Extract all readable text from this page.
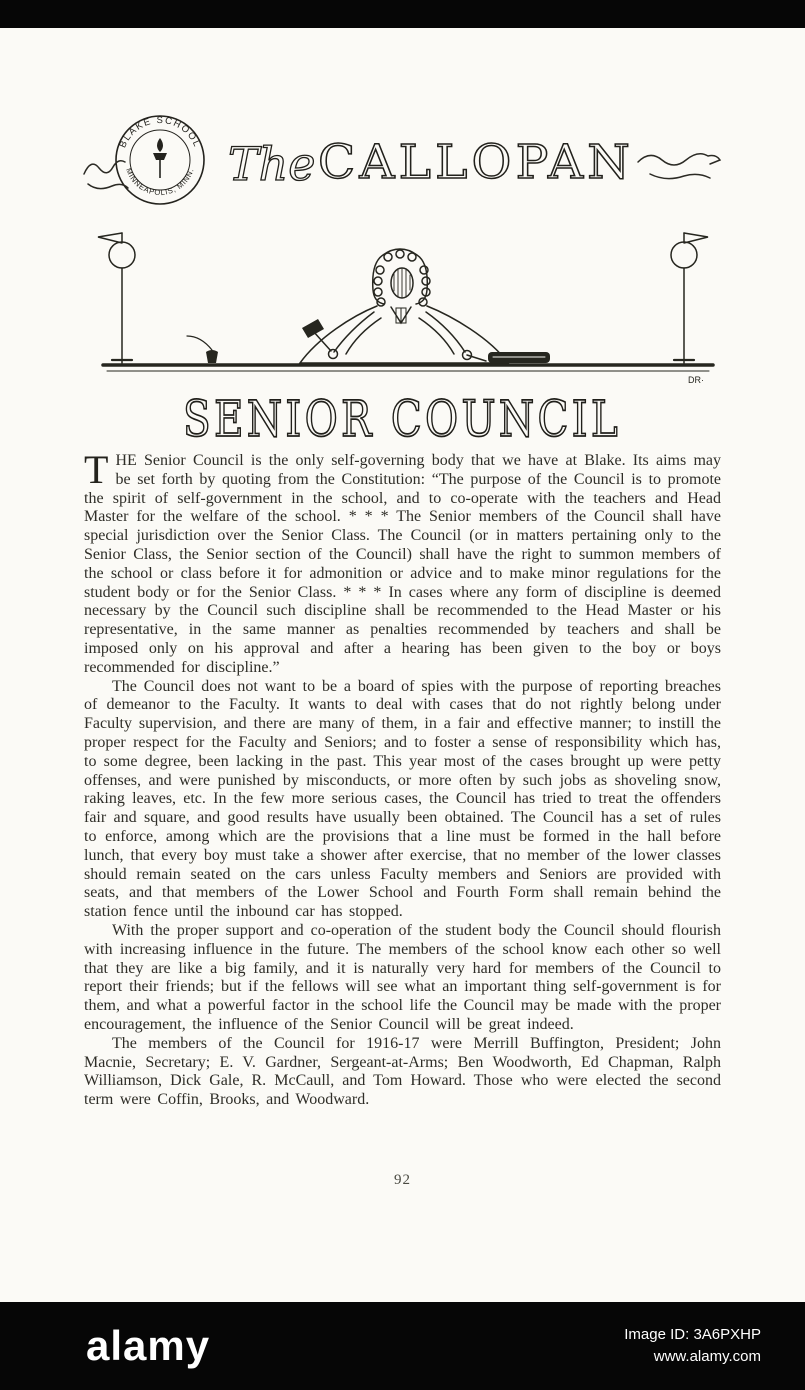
BLAKE SCHOOL
MINNEAPOLIS, MINN. The CALLOPAN
DR·
SENIOR COUNCIL

THE Senior Council is the only self-governing body that we have at Blake. Its aims may be set forth by quoting from the Constitution: “The purpose of the Council is to promote the spirit of self-government in the school, and to co-operate with the teachers and Head Master for the welfare of the school. * * * The Senior members of the Council shall have special jurisdiction over the Senior Class. The Council (or in matters pertaining only to the Senior Class, the Senior section of the Council) shall have the right to summon members of the school or class before it for admonition or advice and to make minor regulations for the student body or for the Senior Class. * * * In cases where any form of discipline is deemed necessary by the Council such discipline shall be recommended to the Head Master or his representative, in the same manner as penalties recommended by teachers and shall be imposed only on his approval and after a hearing has been given to the boy or boys recommended for discipline.”

The Council does not want to be a board of spies with the purpose of reporting breaches of demeanor to the Faculty. It wants to deal with cases that do not rightly belong under Faculty supervision, and there are many of them, in a fair and effective manner; to instill the proper respect for the Faculty and Seniors; and to foster a sense of responsibility which has, to some degree, been lacking in the past. This year most of the cases brought up were petty offenses, and were punished by misconducts, or more often by such jobs as shoveling snow, raking leaves, etc. In the few more serious cases, the Council has tried to treat the offenders fair and square, and good results have usually been obtained. The Council has a set of rules to enforce, among which are the provisions that a line must be formed in the hall before lunch, that every boy must take a shower after exercise, that no member of the lower classes should remain seated on the cars unless Faculty members and Seniors are provided with seats, and that members of the Lower School and Fourth Form shall remain behind the station fence until the inbound car has stopped.

With the proper support and co-operation of the student body the Council should flourish with increasing influence in the future. The members of the school know each other so well that they are like a big family, and it is naturally very hard for members of the Council to report their friends; but if the fellows will see what an important thing self-government is for them, and what a powerful factor in the school life the Council may be made with the proper encouragement, the influence of the Senior Council will be great indeed.

The members of the Council for 1916-17 were Merrill Buffington, President; John Macnie, Secretary; E. V. Gardner, Sergeant-at-Arms; Ben Woodworth, Ed Chapman, Ralph Williamson, Dick Gale, R. McCaull, and Tom Howard. Those who were elected the second term were Coffin, Brooks, and Woodward.

92
alamy	Image ID: 3A6PXHP
www.alamy.com
